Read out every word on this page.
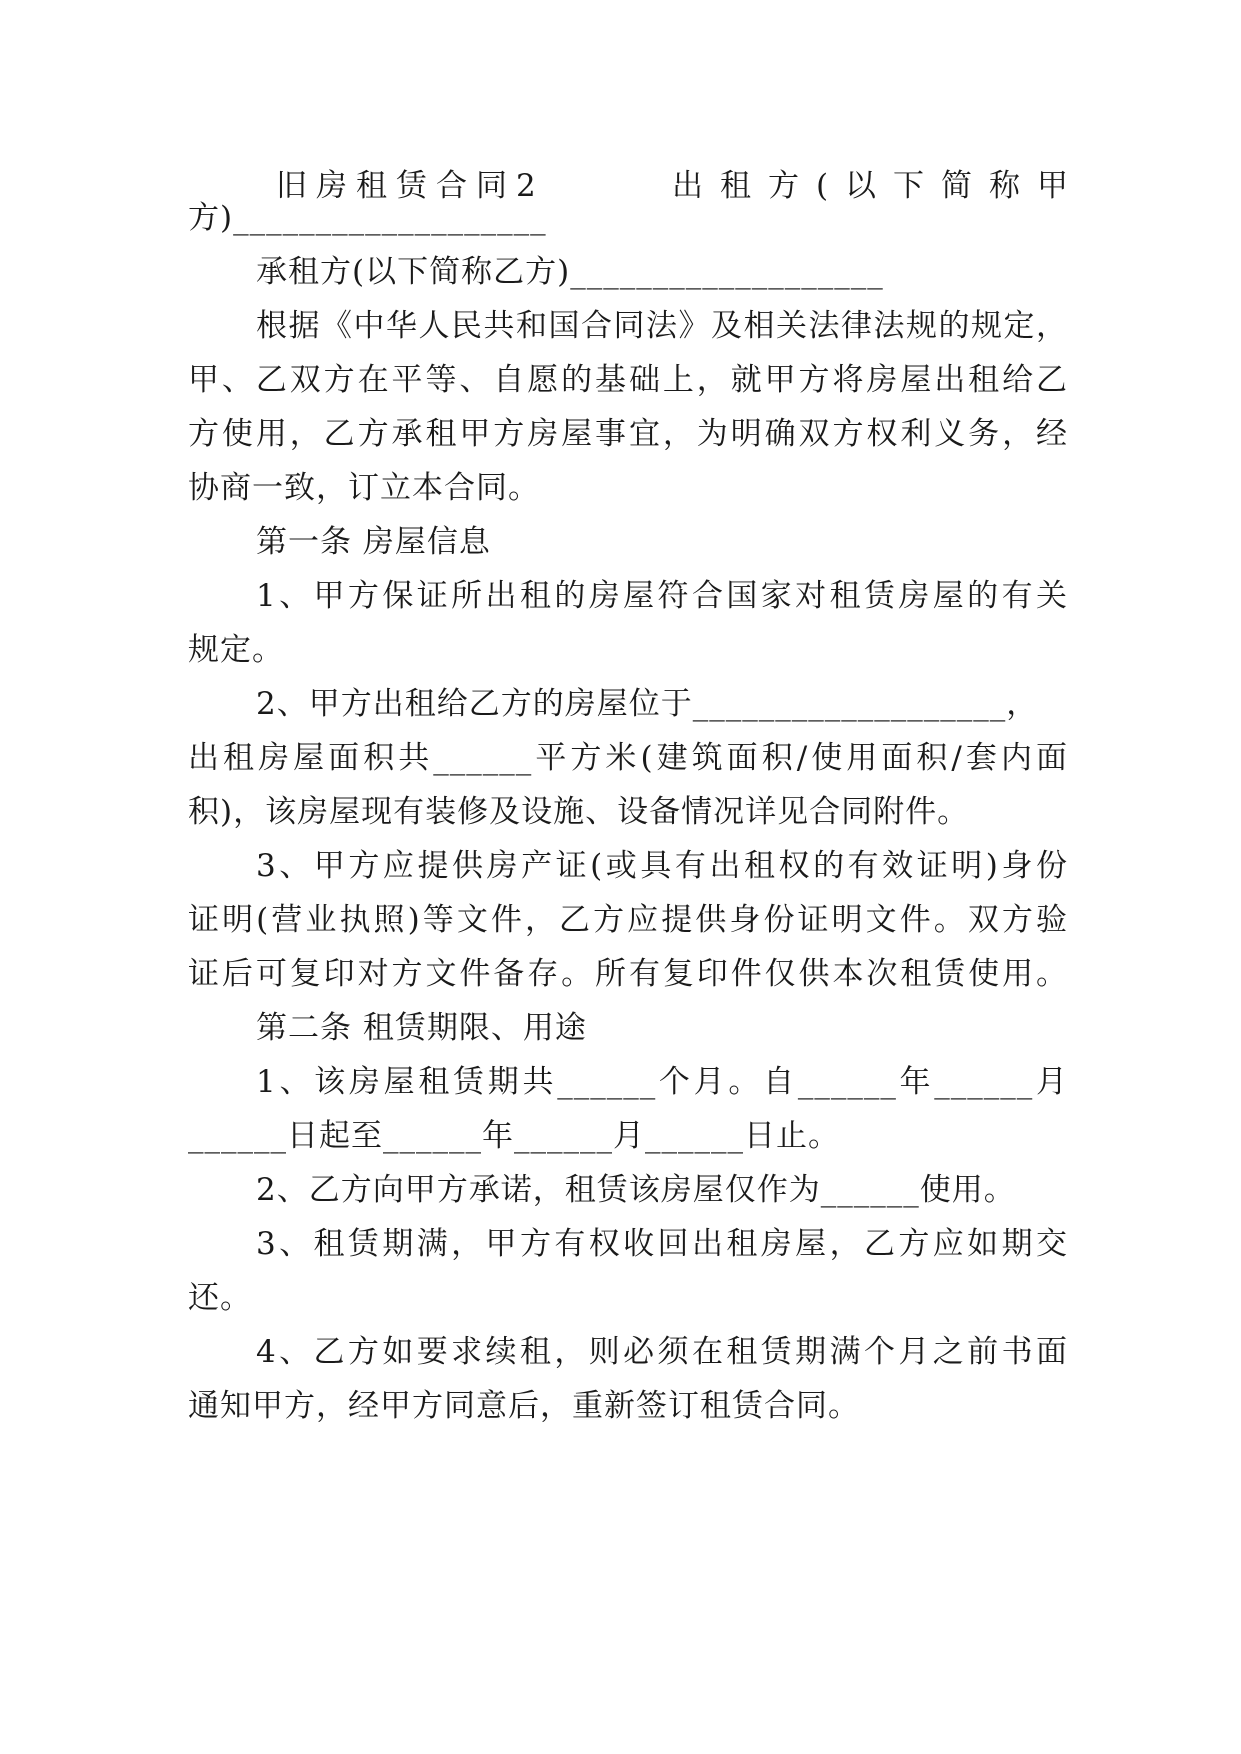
旧房租赁合同2	出租方(以下简称甲
方)___________________
承租方(以下简称乙方)___________________
根据《中华人民共和国合同法》及相关法律法规的规定，
甲、乙双方在平等、自愿的基础上，就甲方将房屋出租给乙
方使用，乙方承租甲方房屋事宜，为明确双方权利义务，经
协商一致，订立本合同。
第一条 房屋信息
1、甲方保证所出租的房屋符合国家对租赁房屋的有关
规定。
2、甲方出租给乙方的房屋位于___________________，
出租房屋面积共______平方米(建筑面积/使用面积/套内面
积)，该房屋现有装修及设施、设备情况详见合同附件。
3、甲方应提供房产证(或具有出租权的有效证明)身份
证明(营业执照)等文件，乙方应提供身份证明文件。双方验
证后可复印对方文件备存。所有复印件仅供本次租赁使用。
第二条 租赁期限、用途
1、该房屋租赁期共______个月。自______年______月
______日起至______年______月______日止。
2、乙方向甲方承诺，租赁该房屋仅作为______使用。
3、租赁期满，甲方有权收回出租房屋，乙方应如期交
还。
4、乙方如要求续租，则必须在租赁期满个月之前书面
通知甲方，经甲方同意后，重新签订租赁合同。
